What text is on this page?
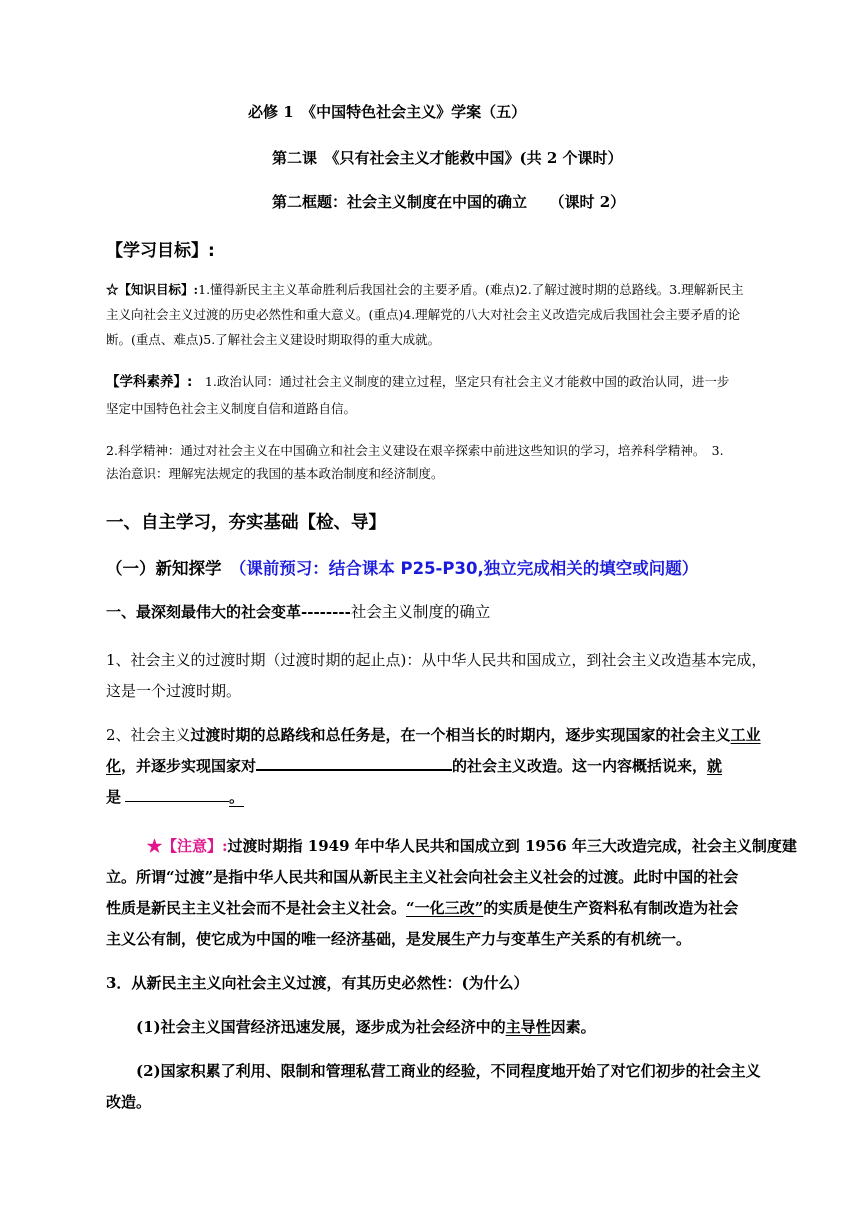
必修 1　《中国特色社会主义》学案（五）
第二课　《只有社会主义才能救中国》(共 2 个课时）
第二框题：社会主义制度在中国的确立　　（课时 2）
【学习目标】:
☆【知识目标】:1.懂得新民主主义革命胜利后我国社会的主要矛盾。(难点)2.了解过渡时期的总路线。3.理解新民主
主义向社会主义过渡的历史必然性和重大意义。(重点)4.理解党的八大对社会主义改造完成后我国社会主要矛盾的论
断。(重点、难点)5.了解社会主义建设时期取得的重大成就。
【学科素养】:　1.政治认同：通过社会主义制度的建立过程，坚定只有社会主义才能救中国的政治认同，进一步
坚定中国特色社会主义制度自信和道路自信。
2.科学精神：通过对社会主义在中国确立和社会主义建设在艰辛探索中前进这些知识的学习，培养科学精神。　3.
法治意识：理解宪法规定的我国的基本政治制度和经济制度。
一、自主学习，夯实基础【检、导】
（一）新知探学　（课前预习：结合课本 P25-P30,独立完成相关的填空或问题）
一、最深刻最伟大的社会变革--------社会主义制度的确立
1、社会主义的过渡时期（过渡时期的起止点)：从中华人民共和国成立，到社会主义改造基本完成，
这是一个过渡时期。
2、社会主义过渡时期的总路线和总任务是，在一个相当长的时期内，逐步实现国家的社会主义工业
化，并逐步实现国家对	的社会主义改造。这一内容概括说来，就
是	。
★【注意】:过渡时期指 1949 年中华人民共和国成立到 1956 年三大改造完成，社会主义制度建
立。所谓“过渡”是指中华人民共和国从新民主主义社会向社会主义社会的过渡。此时中国的社会
性质是新民主主义社会而不是社会主义社会。“一化三改”的实质是使生产资料私有制改造为社会
主义公有制，使它成为中国的唯一经济基础，是发展生产力与变革生产关系的有机统一。
3．从新民主主义向社会主义过渡，有其历史必然性：(为什么）
(1)社会主义国营经济迅速发展，逐步成为社会经济中的主导性因素。
(2)国家积累了利用、限制和管理私营工商业的经验，不同程度地开始了对它们初步的社会主义
改造。
